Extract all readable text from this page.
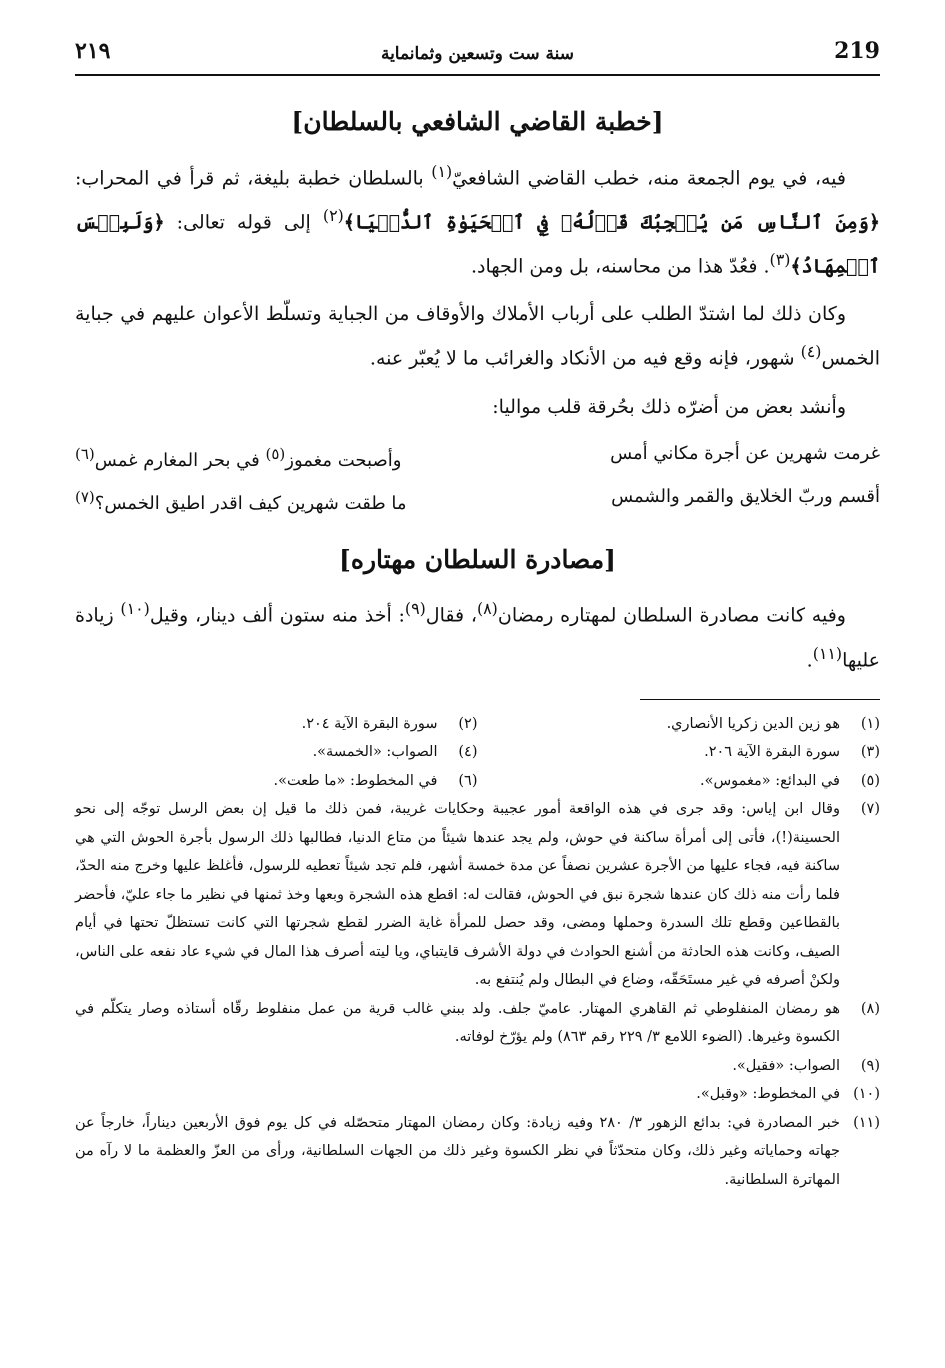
219
سنة ست وتسعين وثمانماية
٢١٩
[خطبة القاضي الشافعي بالسلطان]

فيه، في يوم الجمعة منه، خطب القاضي الشافعيّ$^{(١)}$ بالسلطان خطبة بليغة، ثم قرأ في المحراب: ﴿وَمِنَ ٱلنَّاسِ مَن يُعۡجِبُكَ قَوۡلُهُۥ فِي ٱلۡحَيَوٰةِ ٱلدُّنۡيَا﴾$^{(٢)}$ إلى قوله تعالى: ﴿وَلَبِئۡسَ ٱلۡمِهَادُ﴾$^{(٣)}$. فعُدّ هذا من محاسنه، بل ومن الجهاد.

وكان ذلك لما اشتدّ الطلب على أرباب الأملاك والأوقاف من الجباية وتسلّط الأعوان عليهم في جباية الخمس$^{(٤)}$ شهور، فإنه وقع فيه من الأنكاد والغرائب ما لا يُعبّر عنه.

وأنشد بعض من أضرّه ذلك بحُرقة قلب مواليا:

غرمت شهرين عن أجرة مكاني أمس
وأصبحت مغموز$^{(٥)}$ في بحر المغارم غمس$^{(٦)}$
أقسم وربّ الخلايق والقمر والشمس
ما طقت شهرين كيف اقدر اطيق الخمس؟$^{(٧)}$
[مصادرة السلطان مهتاره]

وفيه كانت مصادرة السلطان لمهتاره رمضان$^{(٨)}$، فقال$^{(٩)}$: أخذ منه ستون ألف دينار، وقيل$^{(١٠)}$ زيادة عليها$^{(١١)}$.

(١)
هو زين الدين زكريا الأنصاري.
(٢)
سورة البقرة الآية ٢٠٤.
(٣)
سورة البقرة الآية ٢٠٦.
(٤)
الصواب: «الخمسة».
(٥)
في البدائع: «مغموس».
(٦)
في المخطوط: «ما طعت».
(٧)
وقال ابن إياس: وقد جرى في هذه الواقعة أمور عجيبة وحكايات غريبة، فمن ذلك ما قيل إن بعض الرسل توجّه إلى نحو الحسينة(!)، فأتى إلى أمرأة ساكنة في حوش، ولم يجد عندها شيئاً من متاع الدنيا، فطالبها ذلك الرسول بأجرة الحوش التي هي ساكنة فيه، فجاء عليها من الأجرة عشرين نصفاً عن مدة خمسة أشهر، فلم تجد شيئاً تعطيه للرسول، فأغلظ عليها وخرج منه الحدّ، فلما رأت منه ذلك كان عندها شجرة نبق في الحوش، فقالت له: اقطع هذه الشجرة وبعها وخذ ثمنها في نظير ما جاء عليّ، فأحضر بالقطاعين وقطع تلك السدرة وحملها ومضى، وقد حصل للمرأة غاية الضرر لقطع شجرتها التي كانت تستظلّ تحتها في أيام الصيف، وكانت هذه الحادثة من أشنع الحوادث في دولة الأشرف قايتباي، ويا ليته أصرف هذا المال في شيء عاد نفعه على الناس، ولكنْ أصرفه في غير مستَحَقّه، وضاع في البطال ولم يُنتفع به.
(٨)
هو رمضان المنفلوطي ثم القاهري المهتار. عاميّ جلف. ولد ببني غالب قرية من عمل منفلوط رقّاه أستاذه وصار يتكلّم في الكسوة وغيرها. (الضوء اللامع ٣/ ٢٢٩ رقم ٨٦٣) ولم يؤرّخ لوفاته.
(٩)
الصواب: «فقيل».
(١٠)
في المخطوط: «وقبل».
(١١)
خبر المصادرة في: بدائع الزهور ٣/ ٢٨٠ وفيه زيادة: وكان رمضان المهتار متحصّله في كل يوم فوق الأربعين ديناراً، خارجاً عن جهاته وحماياته وغير ذلك، وكان متحدّثاً في نظر الكسوة وغير ذلك من الجهات السلطانية، ورأى من العزّ والعظمة ما لا رآه من المهاترة السلطانية.
